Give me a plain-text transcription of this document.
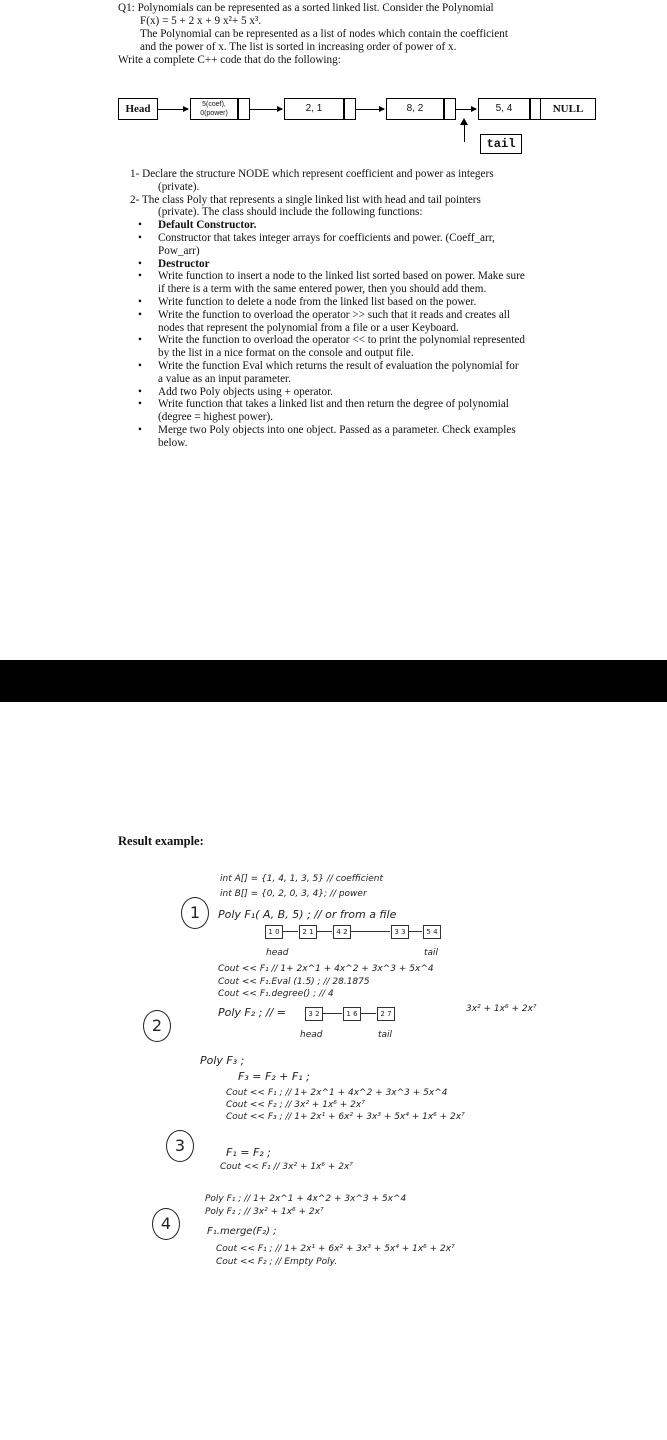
Q1: Polynomials can be represented as a sorted linked list. Consider the Polynomial
F(x) = 5 + 2 x + 9 x²+ 5 x³.
The Polynomial can be represented as a list of nodes which contain the coefficient
and the power of x. The list is sorted in increasing order of power of x.
Write a complete C++ code that do the following:
Head	5(coef),
0(power)	2, 1	8, 2	5, 4	NULL
tail
1- Declare the structure NODE which represent coefficient and power as integers
(private).
2- The class Poly that represents a single linked list with head and tail pointers
(private). The class should include the following functions:
• Default Constructor.
• Constructor that takes integer arrays for coefficients and power. (Coeff_arr,
Pow_arr)
• Destructor
• Write function to insert a node to the linked list sorted based on power. Make sure
if there is a term with the same entered power, then you should add them.
• Write function to delete a node from the linked list based on the power.
• Write the function to overload the operator >> such that it reads and creates all
nodes that represent the polynomial from a file or a user Keyboard.
• Write the function to overload the operator << to print the polynomial represented
by the list in a nice format on the console and output file.
• Write the function Eval which returns the result of evaluation the polynomial for
a value as an input parameter.
• Add two Poly objects using + operator.
• Write function that takes a linked list and then return the degree of polynomial
(degree = highest power).
• Merge two Poly objects into one object. Passed as a parameter. Check examples
below.
Result example:
1
int A[] = {1, 4, 1, 3, 5} // coefficient
int B[] = {0, 2, 0, 3, 4}; // power
Poly F₁( A, B, 5) ; // or from a file
1 0	2 1	4 2	3 3	5 4
head	tail
Cout << F₁ // 1+ 2x^1 + 4x^2 + 3x^3 + 5x^4
Cout << F₁.Eval (1.5) ; // 28.1875
Cout << F₁.degree() ; // 4
2
Poly F₂ ; // =	3x² + 1x⁶ + 2x⁷
3 2	1 6	2 7
head	tail
3
Poly F₃ ;
F₃ = F₂ + F₁ ;
Cout << F₁ ; // 1+ 2x^1 + 4x^2 + 3x^3 + 5x^4
Cout << F₂ ; // 3x² + 1x⁶ + 2x⁷
Cout << F₃ ; // 1+ 2x¹ + 6x² + 3x³ + 5x⁴ + 1x⁶ + 2x⁷
F₁ = F₂ ;
Cout << F₁ // 3x² + 1x⁶ + 2x⁷
4
Poly F₁ ; // 1+ 2x^1 + 4x^2 + 3x^3 + 5x^4
Poly F₂ ; // 3x² + 1x⁶ + 2x⁷
F₁.merge(F₂) ;
Cout << F₁ ; // 1+ 2x¹ + 6x² + 3x³ + 5x⁴ + 1x⁶ + 2x⁷
Cout << F₂ ; // Empty Poly.
